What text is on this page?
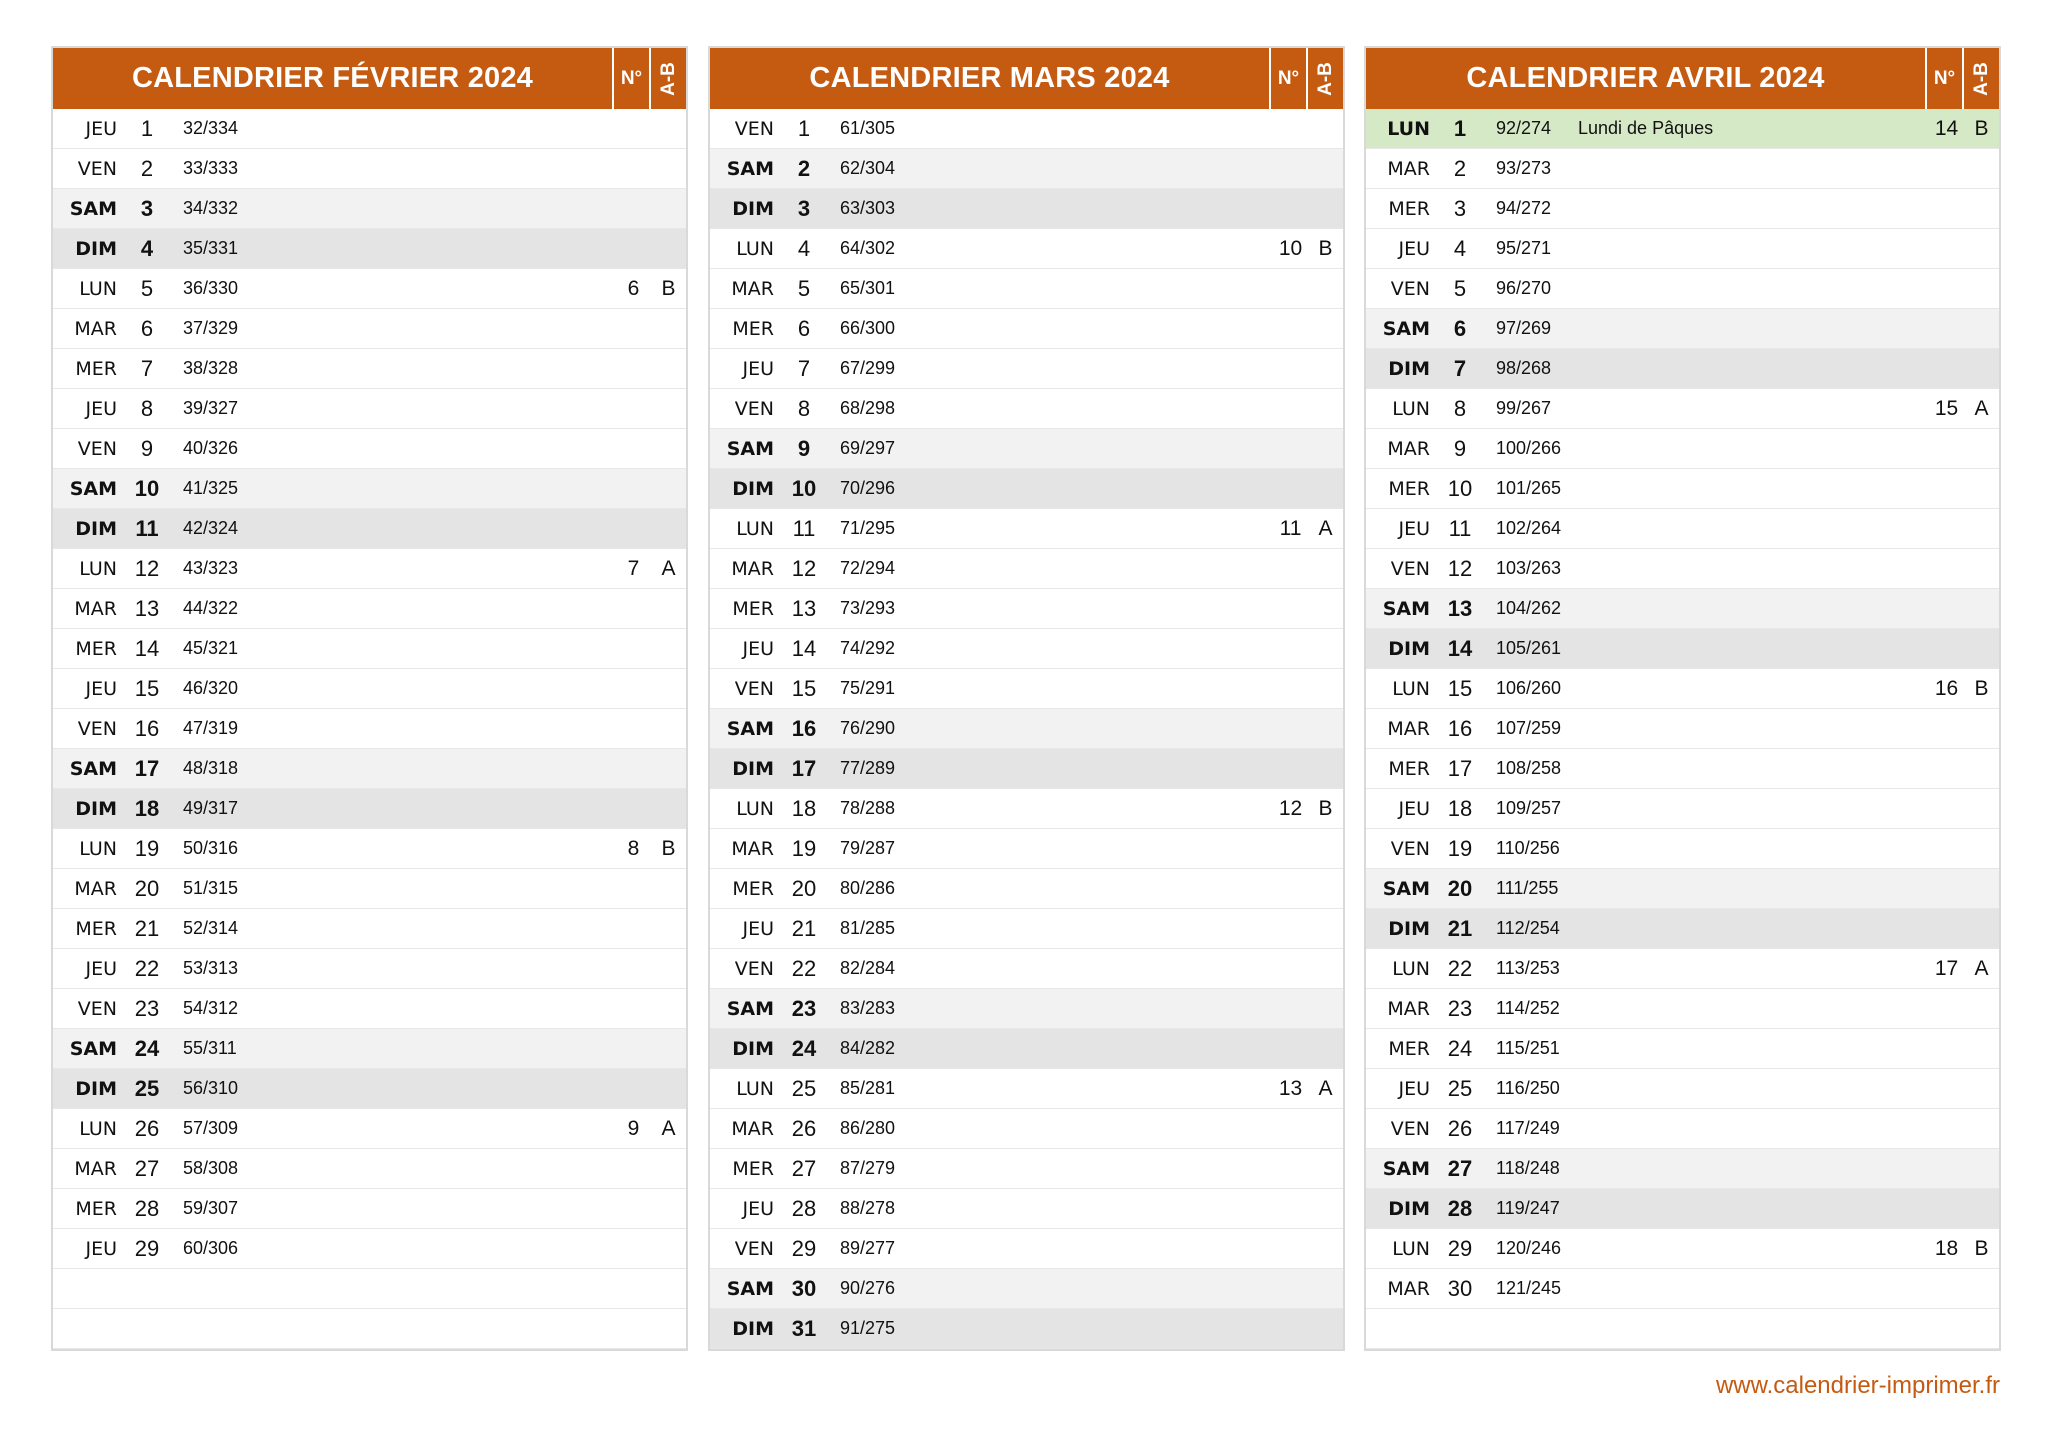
CALENDRIER FÉVRIER 2024	N° A-B
JEU	1	32/334
VEN	2	33/333
SAM	3	34/332
DIM	4	35/331
LUN	5	36/330	6	B
MAR	6	37/329
MER	7	38/328
JEU	8	39/327
VEN	9	40/326
SAM 10	41/325
DIM 11	42/324
LUN 12	43/323	7	A
MAR 13	44/322
MER 14	45/321
JEU 15	46/320
VEN 16	47/319
SAM 17	48/318
DIM 18	49/317
LUN 19	50/316	8	B
MAR 20	51/315
MER 21	52/314
JEU 22	53/313
VEN 23	54/312
SAM 24	55/311
DIM 25	56/310
LUN 26	57/309	9	A
MAR 27	58/308
MER 28	59/307
JEU 29	60/306
CALENDRIER MARS 2024	N° A-B
VEN	1	61/305
SAM	2	62/304
DIM	3	63/303
LUN	4	64/302	10 B
MAR	5	65/301
MER	6	66/300
JEU	7	67/299
VEN	8	68/298
SAM	9	69/297
DIM 10	70/296
LUN 11	71/295	11 A
MAR 12	72/294
MER 13	73/293
JEU 14	74/292
VEN 15	75/291
SAM 16	76/290
DIM 17	77/289
LUN 18	78/288	12 B
MAR 19	79/287
MER 20	80/286
JEU 21	81/285
VEN 22	82/284
SAM 23	83/283
DIM 24	84/282
LUN 25	85/281	13 A
MAR 26	86/280
MER 27	87/279
JEU 28	88/278
VEN 29	89/277
SAM 30	90/276
DIM 31	91/275
CALENDRIER AVRIL 2024	N° A-B
LUN	1	92/274	Lundi de Pâques	14 B
MAR	2	93/273
MER	3	94/272
JEU	4	95/271
VEN	5	96/270
SAM	6	97/269
DIM	7	98/268
LUN	8	99/267	15 A
MAR	9	100/266
MER 10	101/265
JEU 11	102/264
VEN 12	103/263
SAM 13	104/262
DIM 14	105/261
LUN 15	106/260	16 B
MAR 16	107/259
MER 17	108/258
JEU 18	109/257
VEN 19	110/256
SAM 20	111/255
DIM 21	112/254
LUN 22	113/253	17 A
MAR 23	114/252
MER 24	115/251
JEU 25	116/250
VEN 26	117/249
SAM 27	118/248
DIM 28	119/247
LUN 29	120/246	18 B
MAR 30	121/245
www.calendrier-imprimer.fr
